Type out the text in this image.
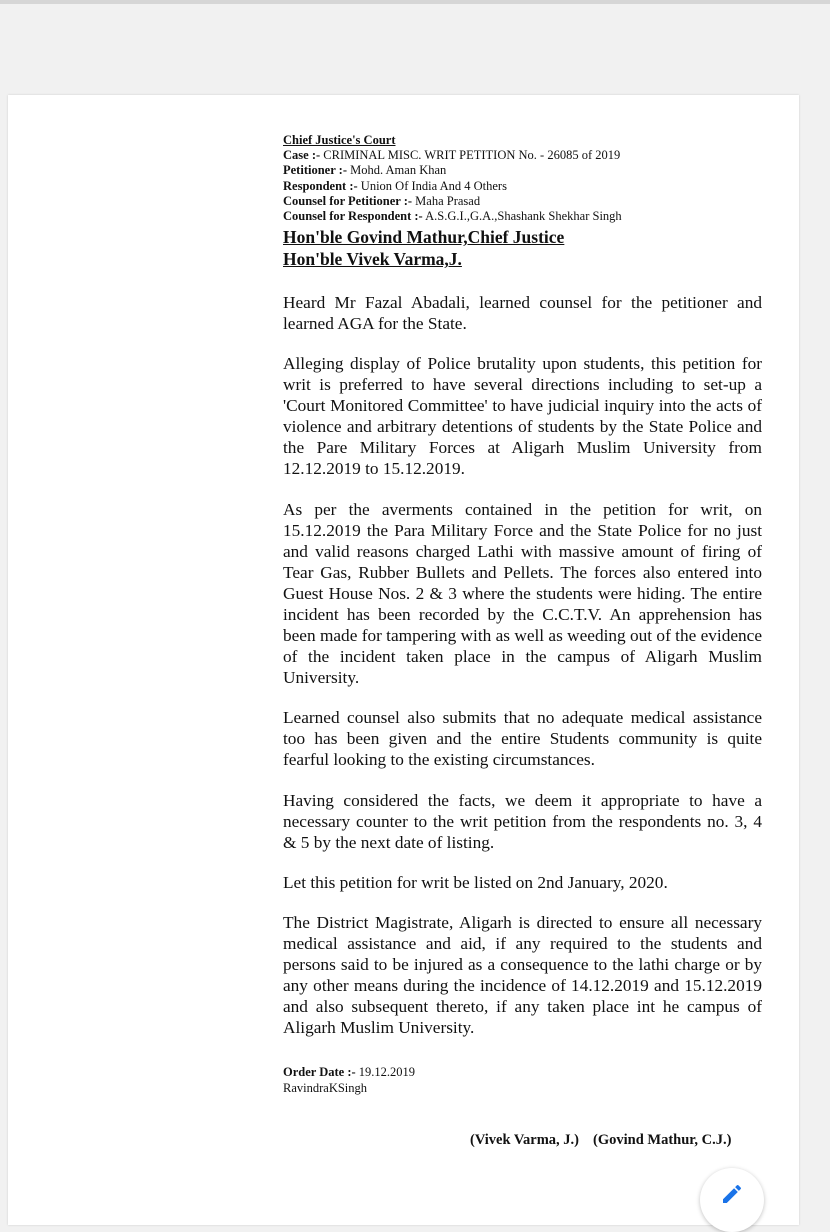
Chief Justice's Court
Case :- CRIMINAL MISC. WRIT PETITION No. - 26085 of 2019
Petitioner :- Mohd. Aman Khan
Respondent :- Union Of India And 4 Others
Counsel for Petitioner :- Maha Prasad
Counsel for Respondent :- A.S.G.I.,G.A.,Shashank Shekhar Singh
Hon'ble Govind Mathur,Chief Justice
Hon'ble Vivek Varma,J.

Heard Mr Fazal Abadali, learned counsel for the petitioner and learned AGA for the State.

Alleging display of Police brutality upon students, this petition for writ is preferred to have several directions including to set-up a 'Court Monitored Committee' to have judicial inquiry into the acts of violence and arbitrary detentions of students by the State Police and the Pare Military Forces at Aligarh Muslim University from 12.12.2019 to 15.12.2019.

As per the averments contained in the petition for writ, on 15.12.2019 the Para Military Force and the State Police for no just and valid reasons charged Lathi with massive amount of firing of Tear Gas, Rubber Bullets and Pellets. The forces also entered into Guest House Nos. 2 & 3 where the students were hiding. The entire incident has been recorded by the C.C.T.V. An apprehension has been made for tampering with as well as weeding out of the evidence of the incident taken place in the campus of Aligarh Muslim University.

Learned counsel also submits that no adequate medical assistance too has been given and the entire Students community is quite fearful looking to the existing circumstances.

Having considered the facts, we deem it appropriate to have a necessary counter to the writ petition from the respondents no. 3, 4 & 5 by the next date of listing.

Let this petition for writ be listed on 2nd January, 2020.

The District Magistrate, Aligarh is directed to ensure all necessary medical assistance and aid, if any required to the students and persons said to be injured as a consequence to the lathi charge or by any other means during the incidence of 14.12.2019 and 15.12.2019 and also subsequent thereto, if any taken place int he campus of Aligarh Muslim University.

Order Date :- 19.12.2019
RavindraKSingh
(Vivek Varma, J.) (Govind Mathur, C.J.)
